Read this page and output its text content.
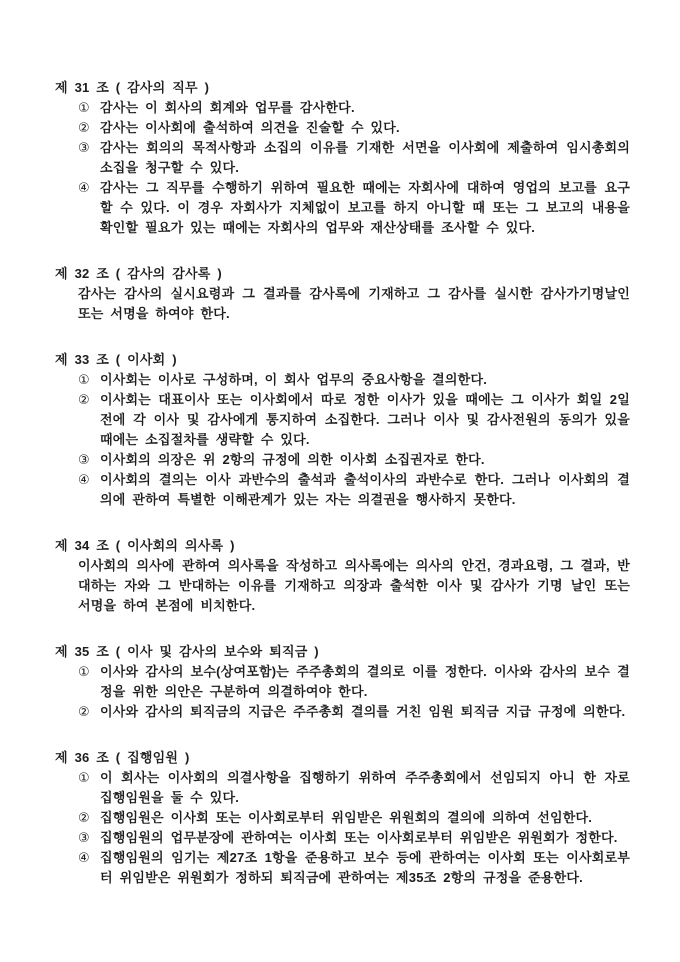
제 31 조 ( 감사의 직무 )
① 감사는 이 회사의 회계와 업무를 감사한다.
② 감사는 이사회에 출석하여 의견을 진술할 수 있다.
③ 감사는 회의의 목적사항과 소집의 이유를 기재한 서면을 이사회에 제출하여 임시총회의 소집을 청구할 수 있다.
④ 감사는 그 직무를 수행하기 위하여 필요한 때에는 자회사에 대하여 영업의 보고를 요구할 수 있다. 이 경우 자회사가 지체없이 보고를 하지 아니할 때 또는 그 보고의 내용을 확인할 필요가 있는 때에는 자회사의 업무와 재산상태를 조사할 수 있다.
제 32 조 ( 감사의 감사록 )
감사는 감사의 실시요령과 그 결과를 감사록에 기재하고 그 감사를 실시한 감사가기명날인 또는 서명을 하여야 한다.
제 33 조 ( 이사회 )
① 이사회는 이사로 구성하며, 이 회사 업무의 중요사항을 결의한다.
② 이사회는 대표이사 또는 이사회에서 따로 정한 이사가 있을 때에는 그 이사가 회일 2일전에 각 이사 및 감사에게 통지하여 소집한다. 그러나 이사 및 감사전원의 동의가 있을 때에는 소집절차를 생략할 수 있다.
③ 이사회의 의장은 위 2항의 규정에 의한 이사회 소집권자로 한다.
④ 이사회의 결의는 이사 과반수의 출석과 출석이사의 과반수로 한다. 그러나 이사회의 결의에 관하여 특별한 이해관계가 있는 자는 의결권을 행사하지 못한다.
제 34 조 ( 이사회의 의사록 )
이사회의 의사에 관하여 의사록을 작성하고 의사록에는 의사의 안건, 경과요령, 그 결과, 반대하는 자와 그 반대하는 이유를 기재하고 의장과 출석한 이사 및 감사가 기명 날인 또는 서명을 하여 본점에 비치한다.
제 35 조 ( 이사 및 감사의 보수와 퇴직금 )
① 이사와 감사의 보수(상여포함)는 주주총회의 결의로 이를 정한다. 이사와 감사의 보수 결정을 위한 의안은 구분하여 의결하여야 한다.
② 이사와 감사의 퇴직금의 지급은 주주총회 결의를 거친 임원 퇴직금 지급 규정에 의한다.
제 36 조 ( 집행임원 )
① 이 회사는 이사회의 의결사항을 집행하기 위하여 주주총회에서 선임되지 아니 한 자로 집행임원을 둘 수 있다.
② 집행임원은 이사회 또는 이사회로부터 위임받은 위원회의 결의에 의하여 선임한다.
③ 집행임원의 업무분장에 관하여는 이사회 또는 이사회로부터 위임받은 위원회가 정한다.
④ 집행임원의 임기는 제27조 1항을 준용하고 보수 등에 관하여는 이사회 또는 이사회로부터 위임받은 위원회가 정하되 퇴직금에 관하여는 제35조 2항의 규정을 준용한다.
